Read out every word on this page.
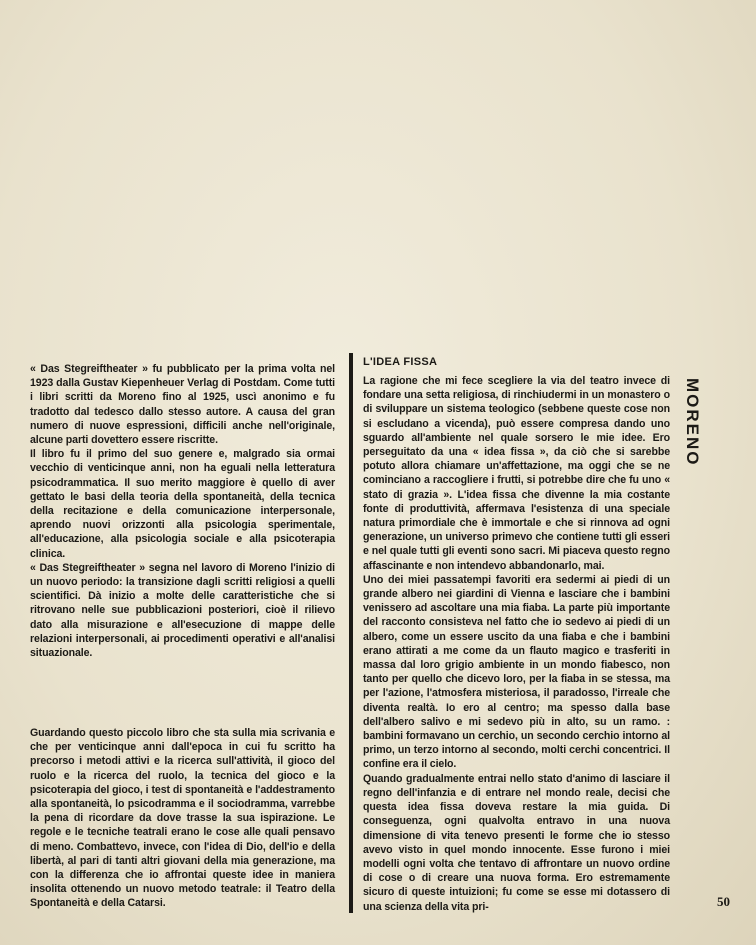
« Das Stegreiftheater » fu pubblicato per la prima volta nel 1923 dalla Gustav Kiepenheuer Verlag di Postdam. Come tutti i libri scritti da Moreno fino al 1925, uscì anonimo e fu tradotto dal tedesco dallo stesso autore. A causa del gran numero di nuove espressioni, difficili anche nell'originale, alcune parti dovettero essere riscritte.

Il libro fu il primo del suo genere e, malgrado sia ormai vecchio di venticinque anni, non ha eguali nella letteratura psicodrammatica. Il suo merito maggiore è quello di aver gettato le basi della teoria della spontaneità, della tecnica della recitazione e della comunicazione interpersonale, aprendo nuovi orizzonti alla psicologia sperimentale, all'educazione, alla psicologia sociale e alla psicoterapia clinica.

« Das Stegreiftheater » segna nel lavoro di Moreno l'inizio di un nuovo periodo: la transizione dagli scritti religiosi a quelli scientifici. Dà inizio a molte delle caratteristiche che si ritrovano nelle sue pubblicazioni posteriori, cioè il rilievo dato alla misurazione e all'esecuzione di mappe delle relazioni interpersonali, ai procedimenti operativi e all'analisi situazionale.

Guardando questo piccolo libro che sta sulla mia scrivania e che per venticinque anni dall'epoca in cui fu scritto ha precorso i metodi attivi e la ricerca sull'attività, il gioco del ruolo e la ricerca del ruolo, la tecnica del gioco e la psicoterapia del gioco, i test di spontaneità e l'addestramento alla spontaneità, lo psicodramma e il sociodramma, varrebbe la pena di ricordare da dove trasse la sua ispirazione. Le regole e le tecniche teatrali erano le cose alle quali pensavo di meno. Combattevo, invece, con l'idea di Dio, dell'io e della libertà, al pari di tanti altri giovani della mia generazione, ma con la differenza che io affrontai queste idee in maniera insolita ottenendo un nuovo metodo teatrale: il Teatro della Spontaneità e della Catarsi.

L'IDEA FISSA

La ragione che mi fece scegliere la via del teatro invece di fondare una setta religiosa, di rinchiudermi in un monastero o di sviluppare un sistema teologico (sebbene queste cose non si escludano a vicenda), può essere compresa dando uno sguardo all'ambiente nel quale sorsero le mie idee. Ero perseguitato da una « idea fissa », da ciò che si sarebbe potuto allora chiamare un'affettazione, ma oggi che se ne cominciano a raccogliere i frutti, si potrebbe dire che fu uno « stato di grazia ». L'idea fissa che divenne la mia costante fonte di produttività, affermava l'esistenza di una speciale natura primordiale che è immortale e che si rinnova ad ogni generazione, un universo primevo che contiene tutti gli esseri e nel quale tutti gli eventi sono sacri. Mi piaceva questo regno affascinante e non intendevo abbandonarlo, mai.

Uno dei miei passatempi favoriti era sedermi ai piedi di un grande albero nei giardini di Vienna e lasciare che i bambini venissero ad ascoltare una mia fiaba. La parte più importante del racconto consisteva nel fatto che io sedevo ai piedi di un albero, come un essere uscito da una fiaba e che i bambini erano attirati a me come da un flauto magico e trasferiti in massa dal loro grigio ambiente in un mondo fiabesco, non tanto per quello che dicevo loro, per la fiaba in se stessa, ma per l'azione, l'atmosfera misteriosa, il paradosso, l'irreale che diventa realtà. Io ero al centro; ma spesso dalla base dell'albero salivo e mi sedevo più in alto, su un ramo. : bambini formavano un cerchio, un secondo cerchio intorno al primo, un terzo intorno al secondo, molti cerchi concentrici. Il confine era il cielo.

Quando gradualmente entrai nello stato d'animo di lasciare il regno dell'infanzia e di entrare nel mondo reale, decisi che questa idea fissa doveva restare la mia guida. Di conseguenza, ogni qualvolta entravo in una nuova dimensione di vita tenevo presenti le forme che io stesso avevo visto in quel mondo innocente. Esse furono i miei modelli ogni volta che tentavo di affrontare un nuovo ordine di cose o di creare una nuova forma. Ero estremamente sicuro di queste intuizioni; fu come se esse mi dotassero di una scienza della vita pri-

MORENO
50
